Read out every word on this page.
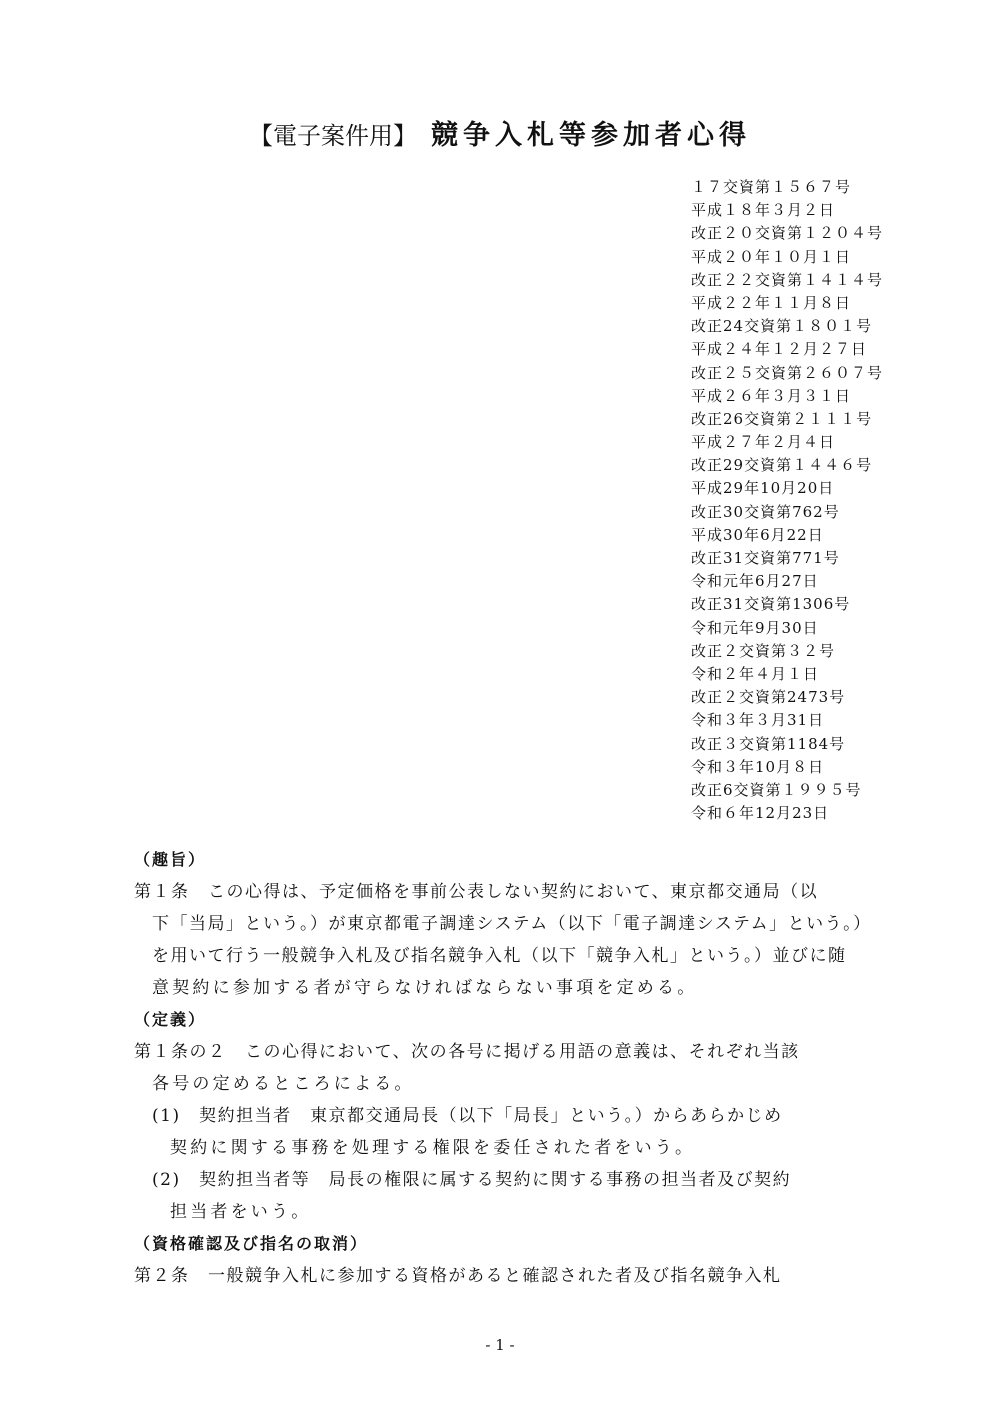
【電子案件用】 競争入札等参加者心得
１７交資第１５６７号
平成１８年３月２日
改正２０交資第１２０４号
平成２０年１０月１日
改正２２交資第１４１４号
平成２２年１１月８日
改正24交資第１８０１号
平成２４年１２月２７日
改正２５交資第２６０７号
平成２６年３月３１日
改正26交資第２１１１号
平成２７年２月４日
改正29交資第１４４６号
平成29年10月20日
改正30交資第762号
平成30年6月22日
改正31交資第771号
令和元年6月27日
改正31交資第1306号
令和元年9月30日
改正２交資第３２号
令和２年４月１日
改正２交資第2473号
令和３年３月31日
改正３交資第1184号
令和３年10月８日
改正6交資第１９９５号
令和６年12月23日
（趣旨）
第１条　この心得は、予定価格を事前公表しない契約において、東京都交通局（以
下「当局」という。）が東京都電子調達システム（以下「電子調達システム」という。）
を用いて行う一般競争入札及び指名競争入札（以下「競争入札」という。）並びに随
意契約に参加する者が守らなければならない事項を定める。
（定義）
第１条の２　この心得において、次の各号に掲げる用語の意義は、それぞれ当該
各号の定めるところによる。
(1)　契約担当者　東京都交通局長（以下「局長」という。）からあらかじめ
契約に関する事務を処理する権限を委任された者をいう。
(2)　契約担当者等　局長の権限に属する契約に関する事務の担当者及び契約
担当者をいう。
（資格確認及び指名の取消）
第２条　一般競争入札に参加する資格があると確認された者及び指名競争入札
- 1 -
